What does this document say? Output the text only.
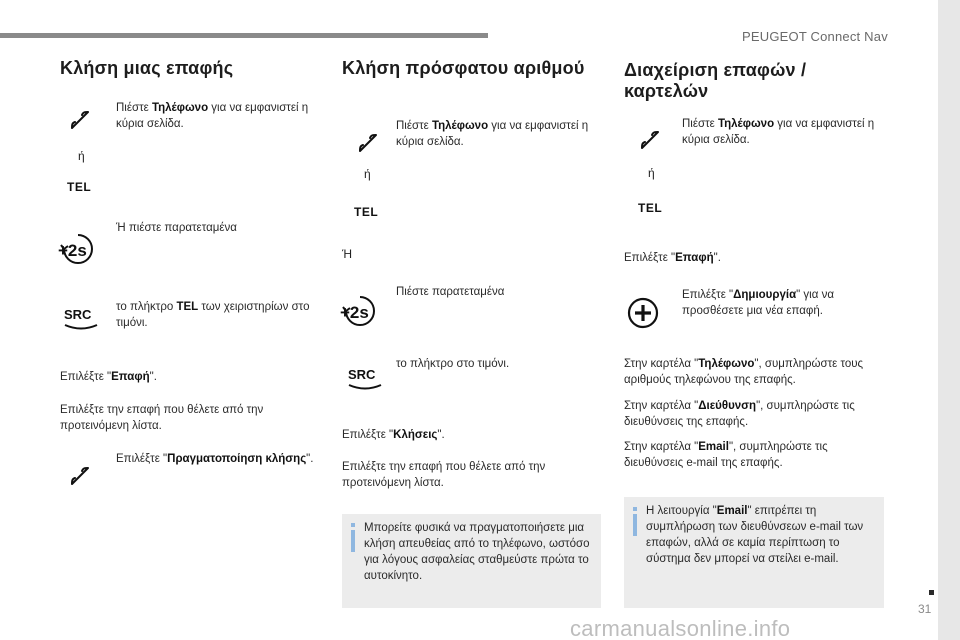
PEUGEOT Connect Nav
31
carmanualsonline.info
Κλήση μιας επαφής
Πιέστε Τηλέφωνο για να εμφανιστεί η κύρια σελίδα.
ή
TEL
Ή πιέστε παρατεταμένα
+2s
SRC το πλήκτρο TEL των χειριστηρίων στο τιμόνι.
Επιλέξτε "Επαφή".
Επιλέξτε την επαφή που θέλετε από την προτεινόμενη λίστα.
Επιλέξτε "Πραγματοποίηση κλήσης".
Κλήση πρόσφατου αριθμού
Πιέστε Τηλέφωνο για να εμφανιστεί η κύρια σελίδα.
ή
TEL
Ή
Πιέστε παρατεταμένα
+2s
SRC
το πλήκτρο στο τιμόνι.
Επιλέξτε "Κλήσεις".
Επιλέξτε την επαφή που θέλετε από την προτεινόμενη λίστα.
Μπορείτε φυσικά να πραγματοποιήσετε μια κλήση απευθείας από το τηλέφωνο, ωστόσο για λόγους ασφαλείας σταθμεύστε πρώτα το αυτοκίνητο.
Διαχείριση επαφών /
καρτελών
Πιέστε Τηλέφωνο για να εμφανιστεί η κύρια σελίδα.
ή
TEL
Επιλέξτε "Επαφή".
Επιλέξτε "Δημιουργία" για να προσθέσετε μια νέα επαφή.
Στην καρτέλα "Τηλέφωνο", συμπληρώστε τους αριθμούς τηλεφώνου της επαφής.
Στην καρτέλα "Διεύθυνση", συμπληρώστε τις διευθύνσεις της επαφής.
Στην καρτέλα "Email", συμπληρώστε τις διευθύνσεις e-mail της επαφής.
Η λειτουργία "Email" επιτρέπει τη συμπλήρωση των διευθύνσεων e-mail των επαφών, αλλά σε καμία περίπτωση το σύστημα δεν μπορεί να στείλει e-mail.
